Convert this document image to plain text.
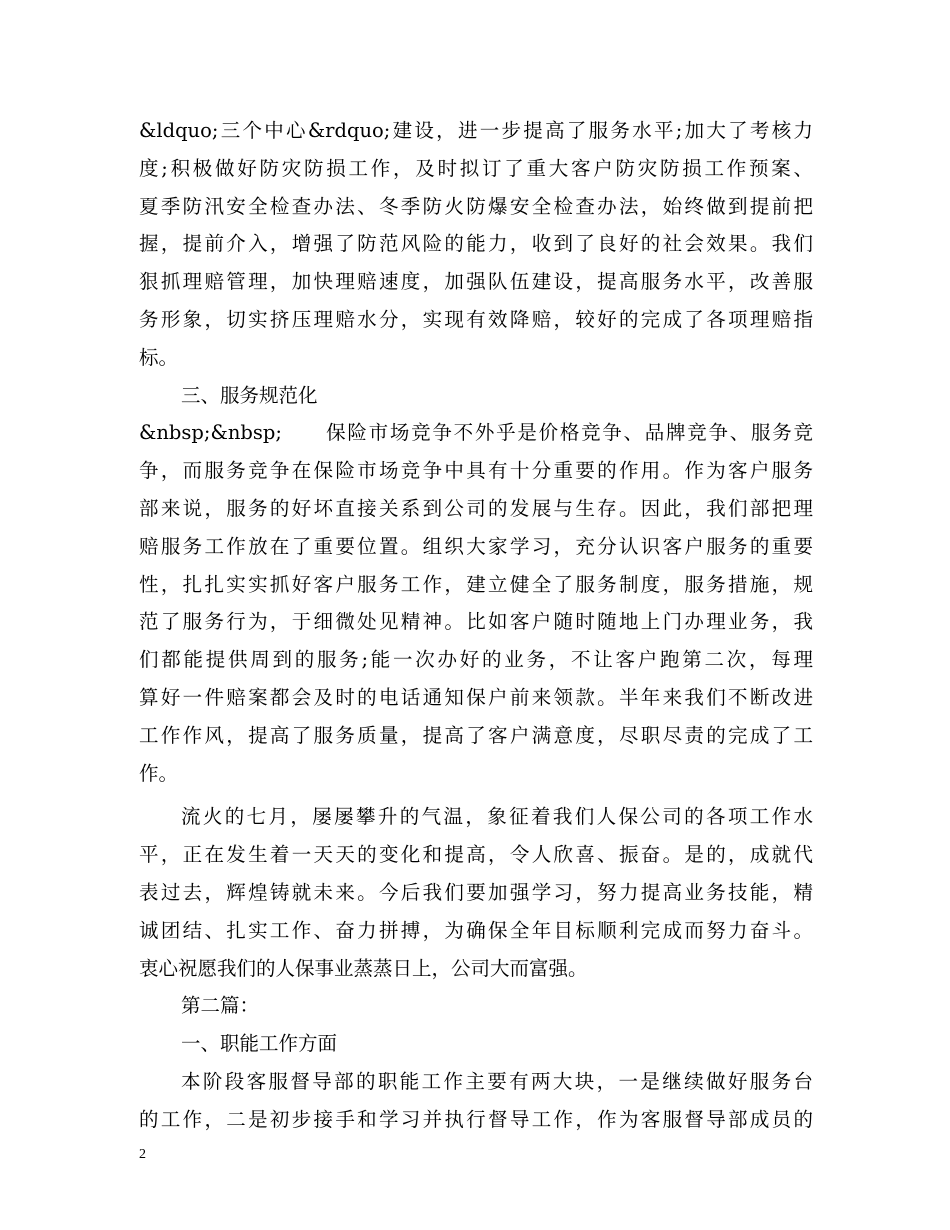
&ldquo;三个中心&rdquo;建设，进一步提高了服务水平;加大了考核力
度;积极做好防灾防损工作，及时拟订了重大客户防灾防损工作预案、
夏季防汛安全检查办法、冬季防火防爆安全检查办法，始终做到提前把
握，提前介入，增强了防范风险的能力，收到了良好的社会效果。我们
狠抓理赔管理，加快理赔速度，加强队伍建设，提高服务水平，改善服
务形象，切实挤压理赔水分，实现有效降赔，较好的完成了各项理赔指
标。
三、服务规范化
&nbsp;&nbsp;　　保险市场竞争不外乎是价格竞争、品牌竞争、服务竞
争，而服务竞争在保险市场竞争中具有十分重要的作用。作为客户服务
部来说，服务的好坏直接关系到公司的发展与生存。因此，我们部把理
赔服务工作放在了重要位置。组织大家学习，充分认识客户服务的重要
性，扎扎实实抓好客户服务工作，建立健全了服务制度，服务措施，规
范了服务行为，于细微处见精神。比如客户随时随地上门办理业务，我
们都能提供周到的服务;能一次办好的业务，不让客户跑第二次，每理
算好一件赔案都会及时的电话通知保户前来领款。半年来我们不断改进
工作作风，提高了服务质量，提高了客户满意度，尽职尽责的完成了工
作。
流火的七月，屡屡攀升的气温，象征着我们人保公司的各项工作水
平，正在发生着一天天的变化和提高，令人欣喜、振奋。是的，成就代
表过去，辉煌铸就未来。今后我们要加强学习，努力提高业务技能，精
诚团结、扎实工作、奋力拼搏，为确保全年目标顺利完成而努力奋斗。
衷心祝愿我们的人保事业蒸蒸日上，公司大而富强。
第二篇：
一、职能工作方面
本阶段客服督导部的职能工作主要有两大块，一是继续做好服务台
的工作，二是初步接手和学习并执行督导工作，作为客服督导部成员的
2
